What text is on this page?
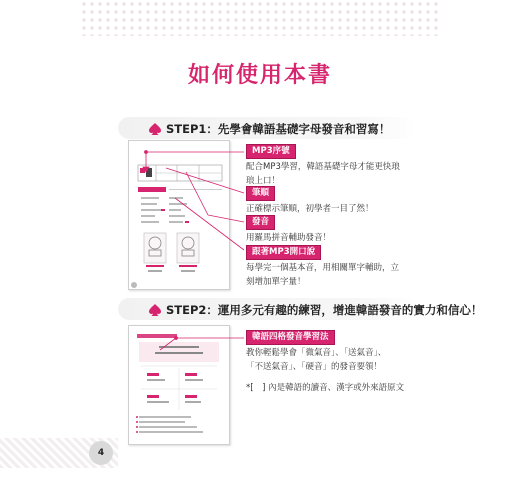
如何使用本書
STEP1：先學會韓語基礎字母發音和習寫！
MP3序號
配合MP3學習，韓語基礎字母才能更快琅
琅上口！
筆順
正確標示筆順，初學者一目了然！
發音
用羅馬拼音輔助發音！
跟著MP3開口說
每學完一個基本音，用相關單字輔助，立
刻增加單字量！
STEP2：運用多元有趣的練習，增進韓語發音的實力和信心！
韓語四格發音學習法
教你輕鬆學會「微氣音」、「送氣音」、
「不送氣音」、「硬音」的發音要領！
*[　] 內是韓語的讀音、漢字或外來語原文
4
